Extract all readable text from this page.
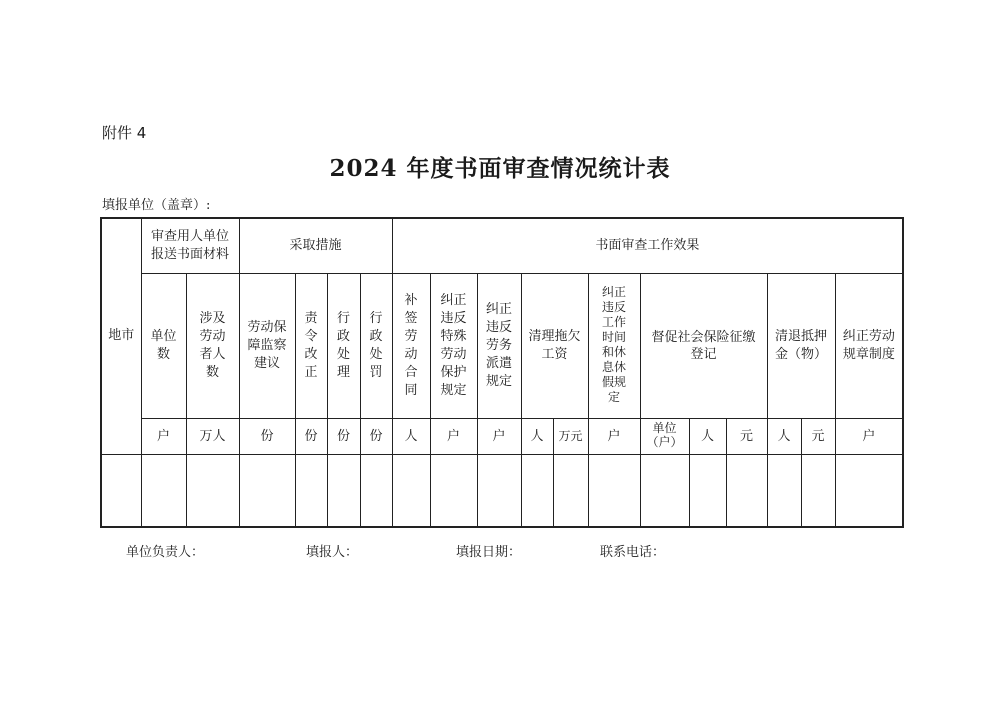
附件 4
2024 年度书面审查情况统计表
填报单位（盖章）:
地市	审查用人单位报送书面材料		采取措施				书面审查工作效果											
	单位数	涉及劳动者人数	劳动保障监察建议	责令改正	行政处理	行政处罚	补签劳动合同	纠正违反特殊劳动保护规定	纠正违反劳务派遣规定	清理拖欠工资		纠正违反工作时间和休息休假规定	督促社会保险征缴登记			清退抵押金（物）		纠正劳动规章制度
	户	万人	份	份	份	份	人	户	户	人	万元	户	单位（户）	人	元	人	元	户

单位负责人：	填报人：	填报日期：	联系电话：
